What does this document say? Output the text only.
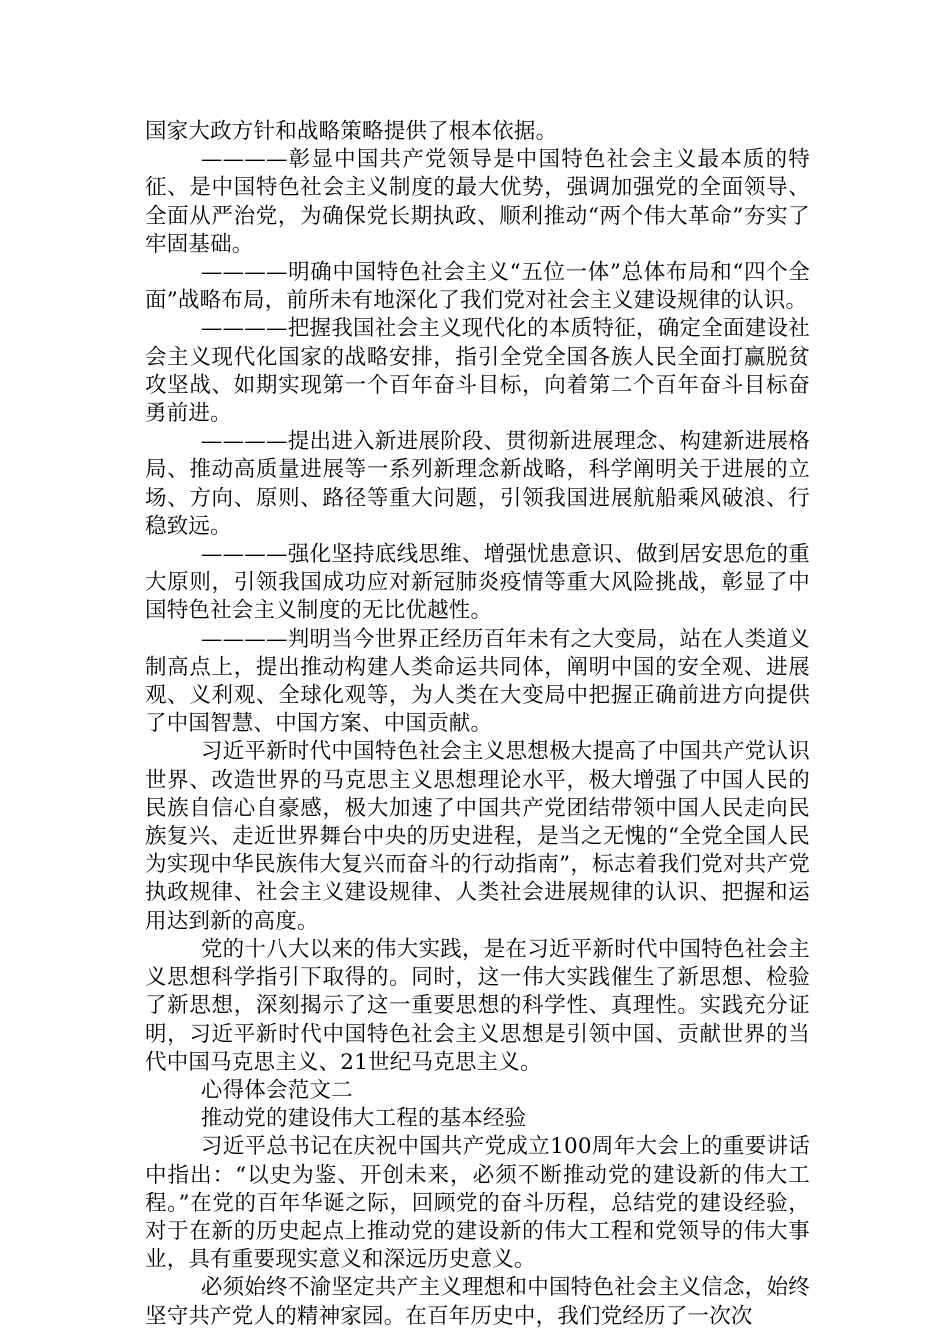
国家大政方针和战略策略提供了根本依据。

————彰显中国共产党领导是中国特色社会主义最本质的特征、是中国特色社会主义制度的最大优势，强调加强党的全面领导、全面从严治党，为确保党长期执政、顺利推动“两个伟大革命”夯实了牢固基础。

————明确中国特色社会主义“五位一体”总体布局和“四个全面”战略布局，前所未有地深化了我们党对社会主义建设规律的认识。

————把握我国社会主义现代化的本质特征，确定全面建设社会主义现代化国家的战略安排，指引全党全国各族人民全面打赢脱贫攻坚战、如期实现第一个百年奋斗目标，向着第二个百年奋斗目标奋勇前进。

————提出进入新进展阶段、贯彻新进展理念、构建新进展格局、推动高质量进展等一系列新理念新战略，科学阐明关于进展的立场、方向、原则、路径等重大问题，引领我国进展航船乘风破浪、行稳致远。

————强化坚持底线思维、增强忧患意识、做到居安思危的重大原则，引领我国成功应对新冠肺炎疫情等重大风险挑战，彰显了中国特色社会主义制度的无比优越性。

————判明当今世界正经历百年未有之大变局，站在人类道义制高点上，提出推动构建人类命运共同体，阐明中国的安全观、进展观、义利观、全球化观等，为人类在大变局中把握正确前进方向提供了中国智慧、中国方案、中国贡献。

习近平新时代中国特色社会主义思想极大提高了中国共产党认识世界、改造世界的马克思主义思想理论水平，极大增强了中国人民的民族自信心自豪感，极大加速了中国共产党团结带领中国人民走向民族复兴、走近世界舞台中央的历史进程，是当之无愧的“全党全国人民为实现中华民族伟大复兴而奋斗的行动指南”，标志着我们党对共产党执政规律、社会主义建设规律、人类社会进展规律的认识、把握和运用达到新的高度。

党的十八大以来的伟大实践，是在习近平新时代中国特色社会主义思想科学指引下取得的。同时，这一伟大实践催生了新思想、检验了新思想，深刻揭示了这一重要思想的科学性、真理性。实践充分证明，习近平新时代中国特色社会主义思想是引领中国、贡献世界的当代中国马克思主义、21世纪马克思主义。

心得体会范文二

推动党的建设伟大工程的基本经验

习近平总书记在庆祝中国共产党成立100周年大会上的重要讲话中指出：“以史为鉴、开创未来，必须不断推动党的建设新的伟大工程。”在党的百年华诞之际，回顾党的奋斗历程，总结党的建设经验，对于在新的历史起点上推动党的建设新的伟大工程和党领导的伟大事业，具有重要现实意义和深远历史意义。

必须始终不渝坚定共产主义理想和中国特色社会主义信念，始终坚守共产党人的精神家园。在百年历史中，我们党经历了一次次
